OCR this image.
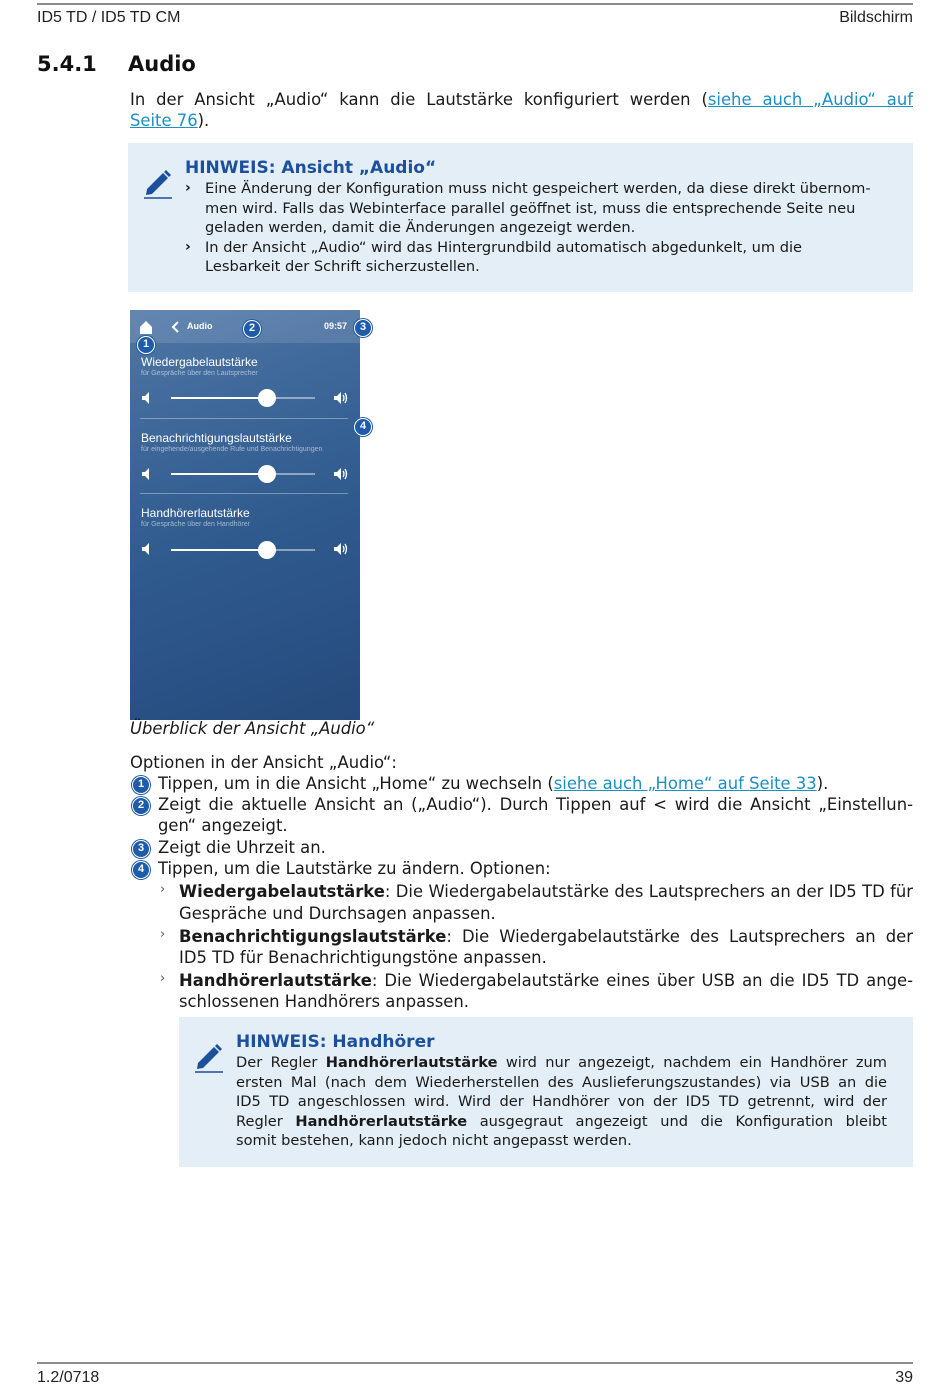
ID5 TD / ID5 TD CM	Bildschirm
5.4.1 Audio
In der Ansicht „Audio“ kann die Lautstärke konfiguriert werden (siehe auch „Audio“ auf
Seite 76).
HINWEIS: Ansicht „Audio“
› Eine Änderung der Konfiguration muss nicht gespeichert werden, da diese direkt übernom-
men wird. Falls das Webinterface parallel geöffnet ist, muss die entsprechende Seite neu
geladen werden, damit die Änderungen angezeigt werden.
› In der Ansicht „Audio“ wird das Hintergrundbild automatisch abgedunkelt, um die
Lesbarkeit der Schrift sicherzustellen.
Audio	09:57
Wiedergabelautstärke
für Gespräche über den Lautsprecher
Benachrichtigungslautstärke
für eingehende/ausgehende Rufe und Benachrichtigungen
Handhörerlautstärke
für Gespräche über den Handhörer
1
2	3
4
Überblick der Ansicht „Audio“
Optionen in der Ansicht „Audio“:
1 Tippen, um in die Ansicht „Home“ zu wechseln (siehe auch „Home“ auf Seite 33).
2 Zeigt die aktuelle Ansicht an („Audio“). Durch Tippen auf < wird die Ansicht „Einstellun-
gen“ angezeigt.
3 Zeigt die Uhrzeit an.
4 Tippen, um die Lautstärke zu ändern. Optionen:
› Wiedergabelautstärke: Die Wiedergabelautstärke des Lautsprechers an der ID5 TD für
Gespräche und Durchsagen anpassen.
› Benachrichtigungslautstärke: Die Wiedergabelautstärke des Lautsprechers an der
ID5 TD für Benachrichtigungstöne anpassen.
› Handhörerlautstärke: Die Wiedergabelautstärke eines über USB an die ID5 TD ange-
schlossenen Handhörers anpassen.
HINWEIS: Handhörer
Der Regler Handhörerlautstärke wird nur angezeigt, nachdem ein Handhörer zum
ersten Mal (nach dem Wiederherstellen des Auslieferungszustandes) via USB an die
ID5 TD angeschlossen wird. Wird der Handhörer von der ID5 TD getrennt, wird der
Regler Handhörerlautstärke ausgegraut angezeigt und die Konfiguration bleibt
somit bestehen, kann jedoch nicht angepasst werden.
1.2/0718	39
